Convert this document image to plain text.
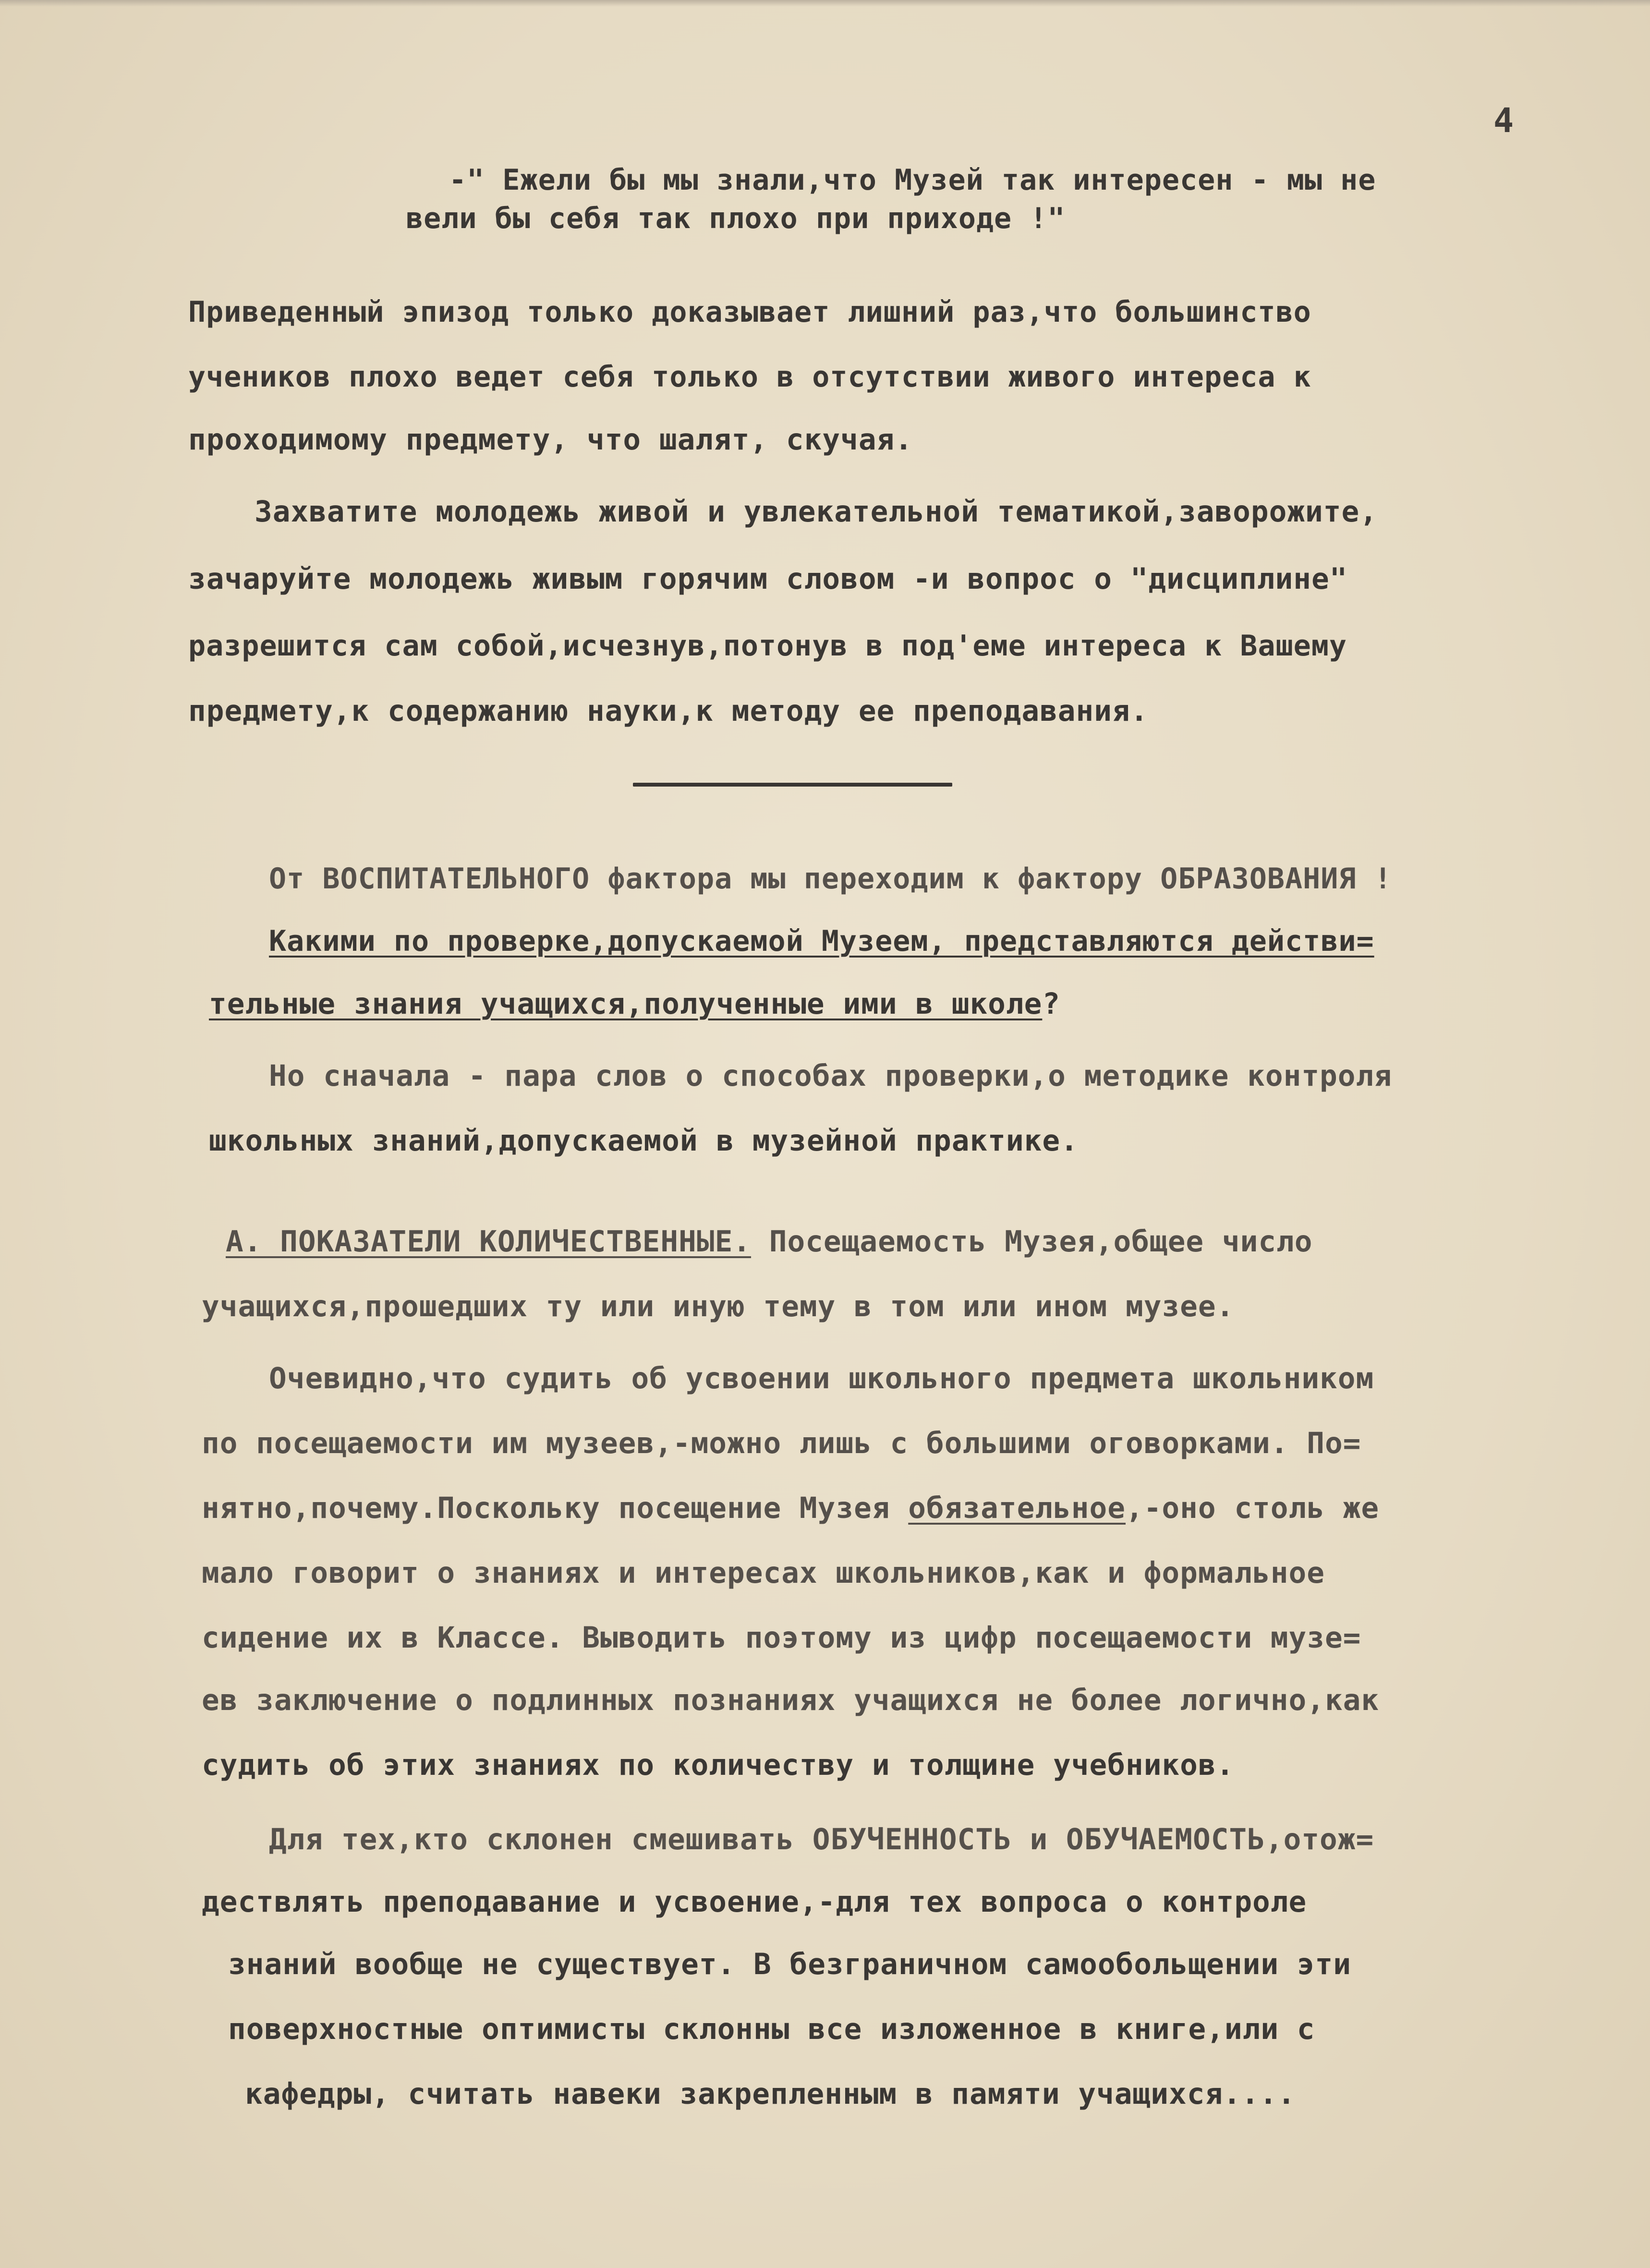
4
-" Ежели бы мы знали,что Музей так интересен - мы не
вели бы себя так плохо при приходе !"
Приведенный эпизод только доказывает лишний раз,что большинство
учеников плохо ведет себя только в отсутствии живого интереса к
проходимому предмету, что шалят, скучая.
Захватите молодежь живой и увлекательной тематикой,заворожите,
зачаруйте молодежь живым горячим словом -и вопрос о "дисциплине"
разрешится сам собой,исчезнув,потонув в под'еме интереса к Вашему
предмету,к содержанию науки,к методу ее преподавания.
От ВОСПИТАТЕЛЬНОГО фактора мы переходим к фактору ОБРАЗОВАНИЯ !
Какими по проверке,допускаемой Музеем, представляются действи=
тельные знания учащихся,полученные ими в школе?
Но сначала - пара слов о способах проверки,о методике контроля
школьных знаний,допускаемой в музейной практике.
А. ПОКАЗАТЕЛИ КОЛИЧЕСТВЕННЫЕ. Посещаемость Музея,общее число
учащихся,прошедших ту или иную тему в том или ином музее.
Очевидно,что судить об усвоении школьного предмета школьником
по посещаемости им музеев,-можно лишь с большими оговорками. По=
нятно,почему.Поскольку посещение Музея обязательное,-оно столь же
мало говорит о знаниях и интересах школьников,как и формальное
сидение их в Классе. Выводить поэтому из цифр посещаемости музе=
ев заключение о подлинных познаниях учащихся не более логично,как
судить об этих знаниях по количеству и толщине учебников.
Для тех,кто склонен смешивать ОБУЧЕННОСТЬ и ОБУЧАЕМОСТЬ,отож=
дествлять преподавание и усвоение,-для тех вопроса о контроле
знаний вообще не существует. В безграничном самообольщении эти
поверхностные оптимисты склонны все изложенное в книге,или с
кафедры, считать навеки закрепленным в памяти учащихся....
